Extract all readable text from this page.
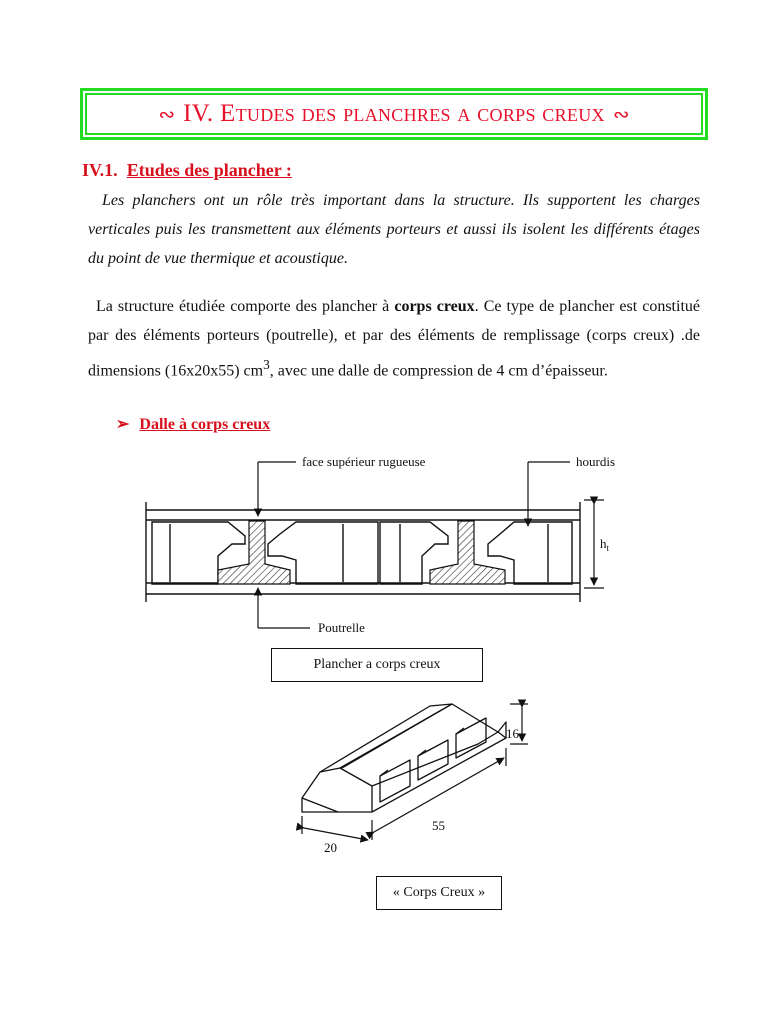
∾ IV. Etudes des planchres a corps creux ∾
IV.1. Etudes des plancher :
Les planchers ont un rôle très important dans la structure. Ils supportent les charges verticales puis les transmettent aux éléments porteurs et aussi ils isolent les différents étages du point de vue thermique et acoustique.
La structure étudiée comporte des plancher à corps creux. Ce type de plancher est constitué par des éléments porteurs (poutrelle), et par des éléments de remplissage (corps creux) .de dimensions (16x20x55) $cm^3$, avec une dalle de compression de 4 cm d’épaisseur.
➢ Dalle à corps creux
$h_t$
face supérieur rugueuse	hourdis
Poutrelle
16
55
20
Plancher a corps creux
« Corps Creux »
